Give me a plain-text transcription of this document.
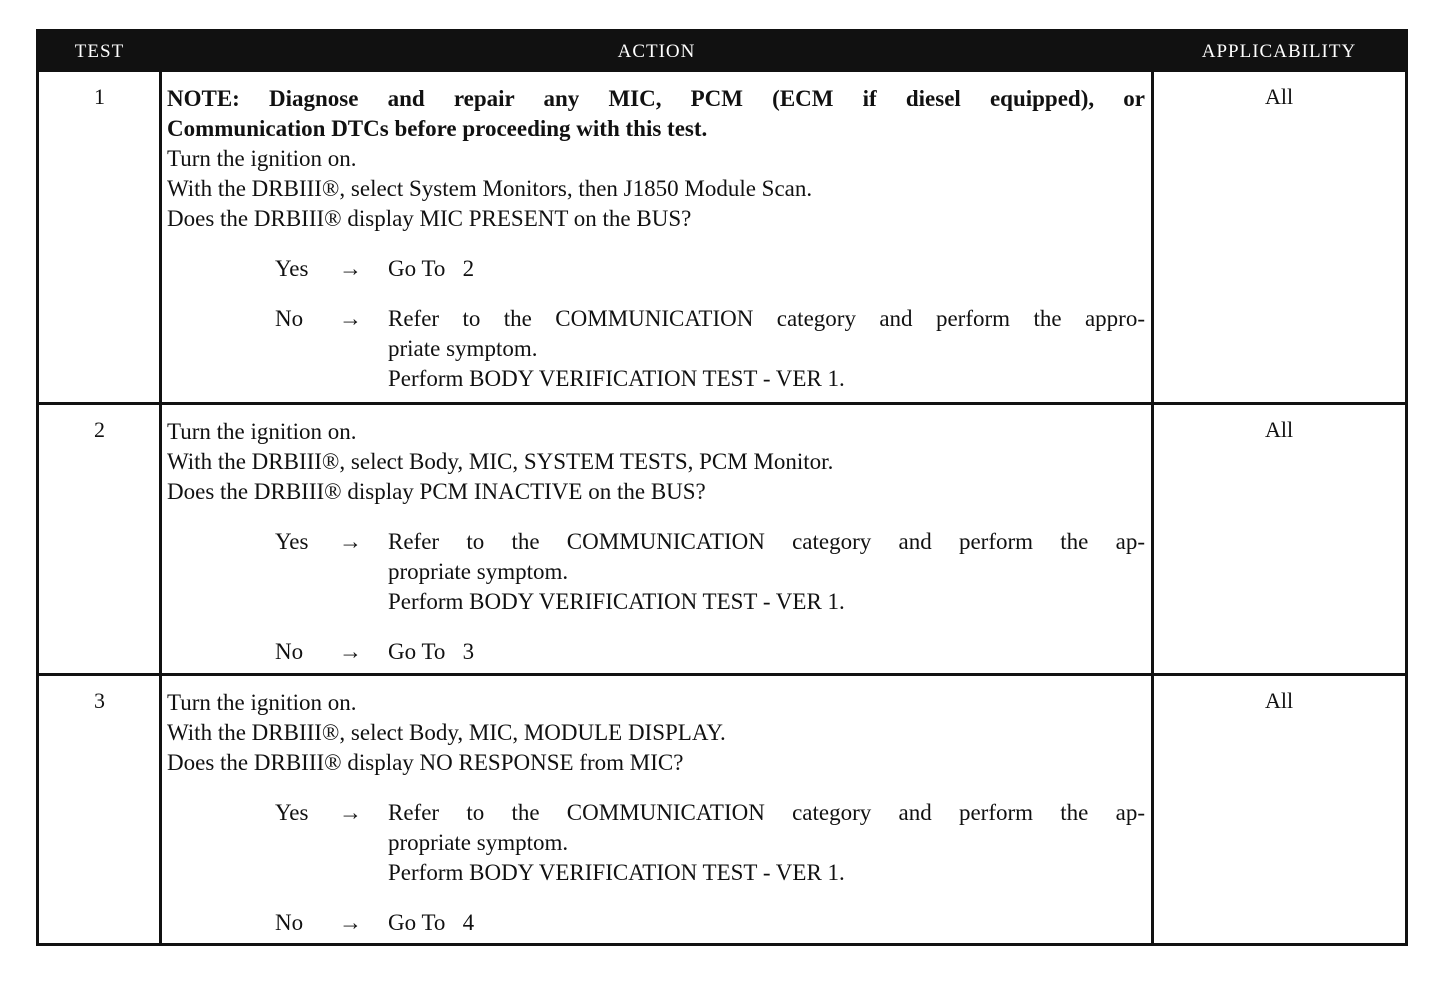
TEST	ACTION	APPLICABILITY
1	NOTE: Diagnose and repair any MIC, PCM (ECM if diesel equipped), or
Communication DTCs before proceeding with this test.
Turn the ignition on.
With the DRBIII®, select System Monitors, then J1850 Module Scan.
Does the DRBIII® display MIC PRESENT on the BUS?
Yes → Go To   2
No → Refer to the COMMUNICATION category and perform the appro-
priate symptom.
Perform BODY VERIFICATION TEST - VER 1.
All
2	Turn the ignition on.
With the DRBIII®, select Body, MIC, SYSTEM TESTS, PCM Monitor.
Does the DRBIII® display PCM INACTIVE on the BUS?
Yes → Refer to the COMMUNICATION category and perform the ap-
propriate symptom.
Perform BODY VERIFICATION TEST - VER 1.
No → Go To   3
All
3	Turn the ignition on.
With the DRBIII®, select Body, MIC, MODULE DISPLAY.
Does the DRBIII® display NO RESPONSE from MIC?
Yes → Refer to the COMMUNICATION category and perform the ap-
propriate symptom.
Perform BODY VERIFICATION TEST - VER 1.
No → Go To   4
All
